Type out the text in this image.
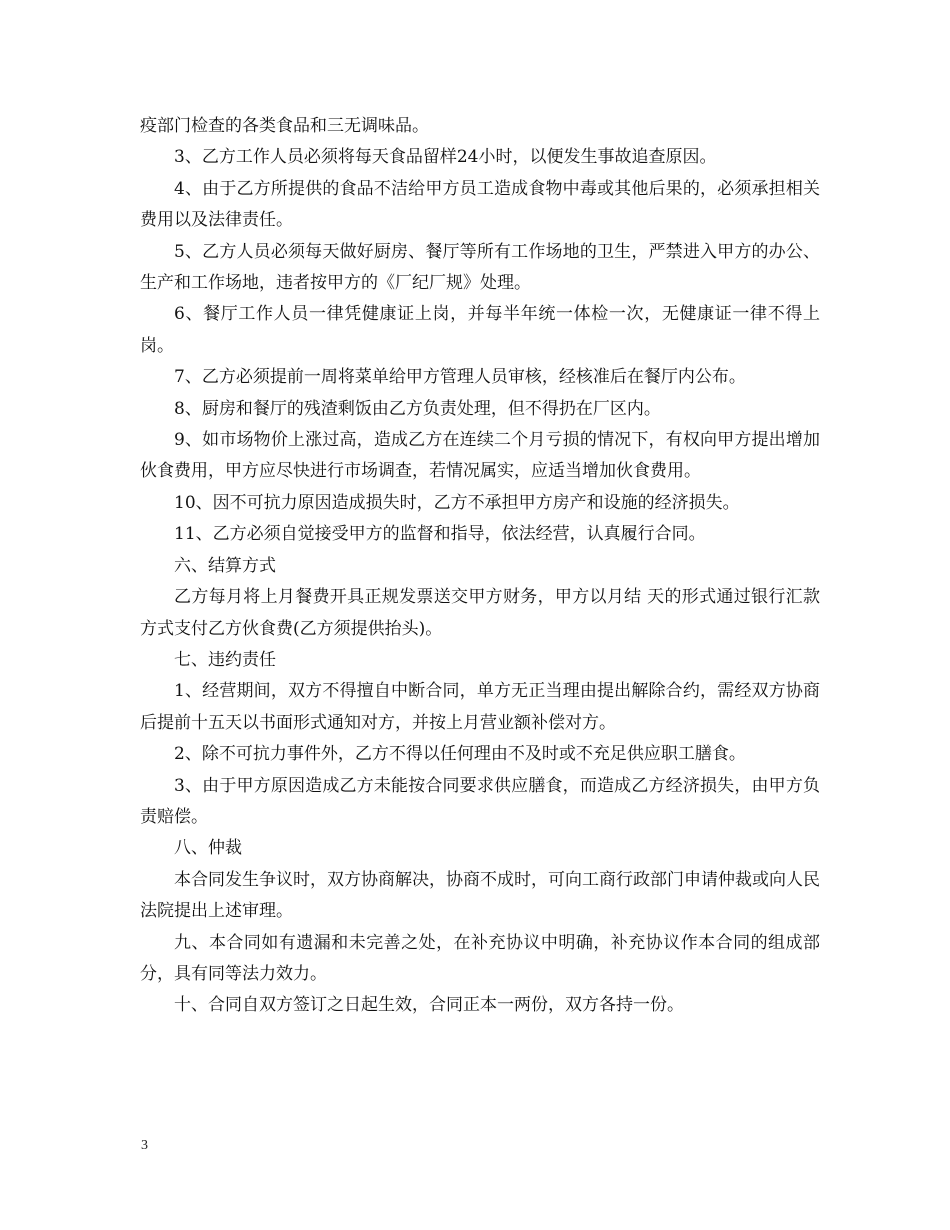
疫部门检查的各类食品和三无调味品。

3、乙方工作人员必须将每天食品留样24小时，以便发生事故追查原因。

4、由于乙方所提供的食品不洁给甲方员工造成食物中毒或其他后果的，必须承担相关费用以及法律责任。

5、乙方人员必须每天做好厨房、餐厅等所有工作场地的卫生，严禁进入甲方的办公、生产和工作场地，违者按甲方的《厂纪厂规》处理。

6、餐厅工作人员一律凭健康证上岗，并每半年统一体检一次，无健康证一律不得上岗。

7、乙方必须提前一周将菜单给甲方管理人员审核，经核准后在餐厅内公布。

8、厨房和餐厅的残渣剩饭由乙方负责处理，但不得扔在厂区内。

9、如市场物价上涨过高，造成乙方在连续二个月亏损的情况下，有权向甲方提出增加伙食费用，甲方应尽快进行市场调查，若情况属实，应适当增加伙食费用。

10、因不可抗力原因造成损失时，乙方不承担甲方房产和设施的经济损失。

11、乙方必须自觉接受甲方的监督和指导，依法经营，认真履行合同。

六、结算方式

乙方每月将上月餐费开具正规发票送交甲方财务，甲方以月结 天的形式通过银行汇款方式支付乙方伙食费(乙方须提供抬头)。

七、违约责任

1、经营期间，双方不得擅自中断合同，单方无正当理由提出解除合约，需经双方协商后提前十五天以书面形式通知对方，并按上月营业额补偿对方。

2、除不可抗力事件外，乙方不得以任何理由不及时或不充足供应职工膳食。

3、由于甲方原因造成乙方未能按合同要求供应膳食，而造成乙方经济损失，由甲方负责赔偿。

八、仲裁

本合同发生争议时，双方协商解决，协商不成时，可向工商行政部门申请仲裁或向人民法院提出上述审理。

九、本合同如有遗漏和未完善之处，在补充协议中明确，补充协议作本合同的组成部分，具有同等法力效力。

十、合同自双方签订之日起生效，合同正本一两份，双方各持一份。

3
